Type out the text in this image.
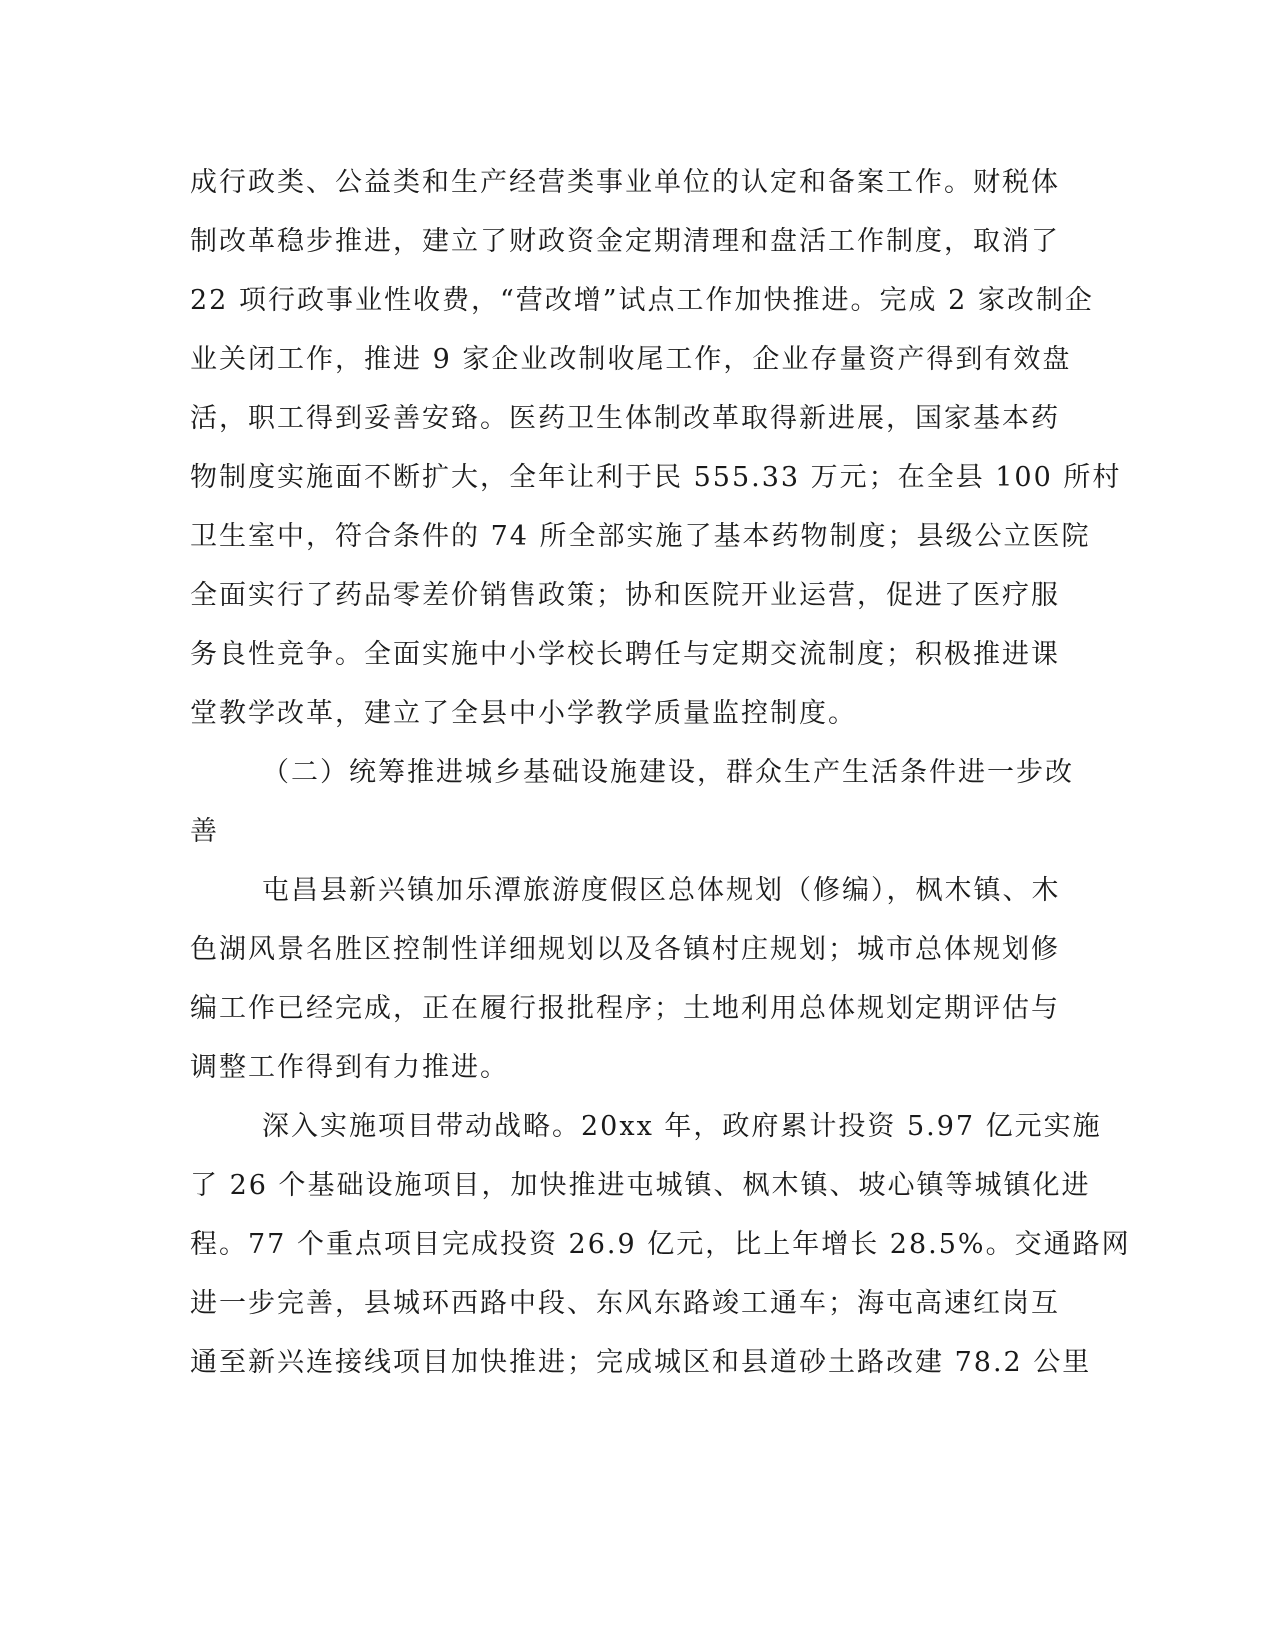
成行政类、公益类和生产经营类事业单位的认定和备案工作。财税体
制改革稳步推进，建立了财政资金定期清理和盘活工作制度，取消了
22 项行政事业性收费，“营改增”试点工作加快推进。完成 2 家改制企
业关闭工作，推进 9 家企业改制收尾工作，企业存量资产得到有效盘
活，职工得到妥善安臵。医药卫生体制改革取得新进展，国家基本药
物制度实施面不断扩大，全年让利于民 555.33 万元；在全县 100 所村
卫生室中，符合条件的 74 所全部实施了基本药物制度；县级公立医院
全面实行了药品零差价销售政策；协和医院开业运营，促进了医疗服
务良性竞争。全面实施中小学校长聘任与定期交流制度；积极推进课
堂教学改革，建立了全县中小学教学质量监控制度。
（二）统筹推进城乡基础设施建设，群众生产生活条件进一步改
善
屯昌县新兴镇加乐潭旅游度假区总体规划（修编），枫木镇、木
色湖风景名胜区控制性详细规划以及各镇村庄规划；城市总体规划修
编工作已经完成，正在履行报批程序；土地利用总体规划定期评估与
调整工作得到有力推进。
深入实施项目带动战略。20xx 年，政府累计投资 5.97 亿元实施
了 26 个基础设施项目，加快推进屯城镇、枫木镇、坡心镇等城镇化进
程。77 个重点项目完成投资 26.9 亿元，比上年增长 28.5%。交通路网
进一步完善，县城环西路中段、东风东路竣工通车；海屯高速红岗互
通至新兴连接线项目加快推进；完成城区和县道砂土路改建 78.2 公里
